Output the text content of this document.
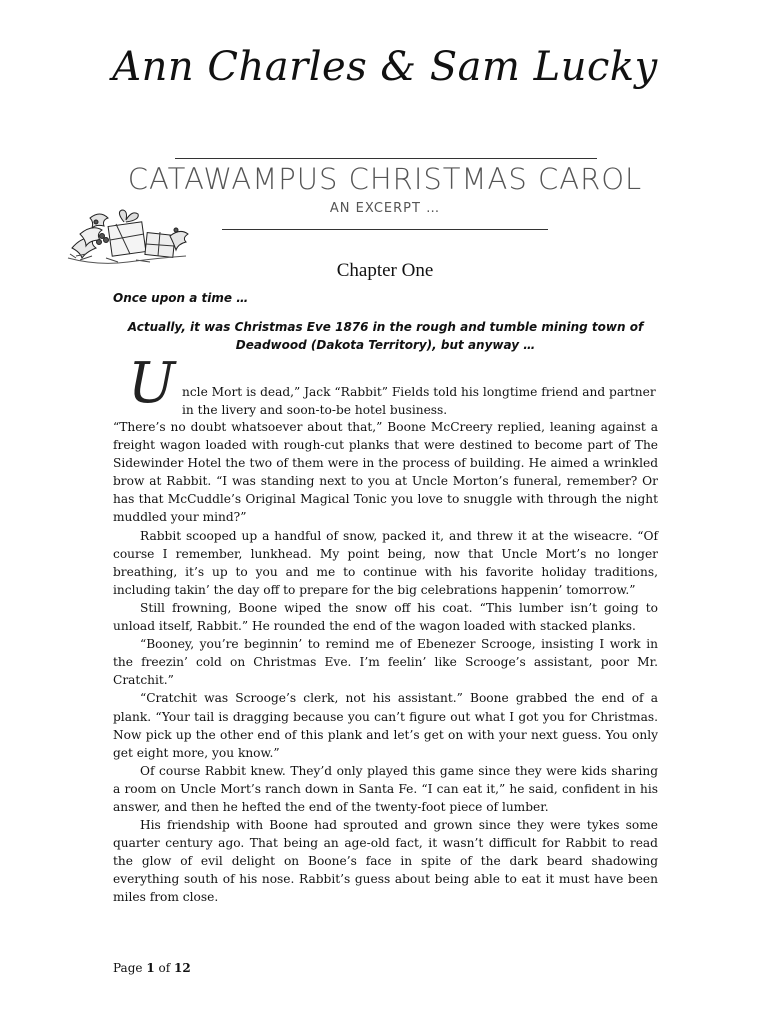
Ann Charles & Sam Lucky
CATAWAMPUS CHRISTMAS CAROL
AN EXCERPT …
Chapter One
Once upon a time …
Actually, it was Christmas Eve 1876 in the rough and tumble mining town of Deadwood (Dakota Territory), but anyway …
U ncle Mort is dead,” Jack “Rabbit” Fields told his longtime friend and partner
in the livery and soon-to-be hotel business.

“There’s no doubt whatsoever about that,” Boone McCreery replied, leaning against a freight wagon loaded with rough-cut planks that were destined to become part of The Sidewinder Hotel the two of them were in the process of building. He aimed a wrinkled brow at Rabbit. “I was standing next to you at Uncle Morton’s funeral, remember? Or has that McCuddle’s Original Magical Tonic you love to snuggle with through the night muddled your mind?”

Rabbit scooped up a handful of snow, packed it, and threw it at the wiseacre. “Of course I remember, lunkhead. My point being, now that Uncle Mort’s no longer breathing, it’s up to you and me to continue with his favorite holiday traditions, including takin’ the day off to prepare for the big celebrations happenin’ tomorrow.”

Still frowning, Boone wiped the snow off his coat. “This lumber isn’t going to unload itself, Rabbit.” He rounded the end of the wagon loaded with stacked planks.

“Booney, you’re beginnin’ to remind me of Ebenezer Scrooge, insisting I work in the freezin’ cold on Christmas Eve. I’m feelin’ like Scrooge’s assistant, poor Mr. Cratchit.”

“Cratchit was Scrooge’s clerk, not his assistant.” Boone grabbed the end of a plank. “Your tail is dragging because you can’t figure out what I got you for Christmas. Now pick up the other end of this plank and let’s get on with your next guess. You only get eight more, you know.”

Of course Rabbit knew. They’d only played this game since they were kids sharing a room on Uncle Mort’s ranch down in Santa Fe. “I can eat it,” he said, confident in his answer, and then he hefted the end of the twenty-foot piece of lumber.

His friendship with Boone had sprouted and grown since they were tykes some quarter century ago. That being an age-old fact, it wasn’t difficult for Rabbit to read the glow of evil delight on Boone’s face in spite of the dark beard shadowing everything south of his nose. Rabbit’s guess about being able to eat it must have been miles from close.

Page 1 of 12
